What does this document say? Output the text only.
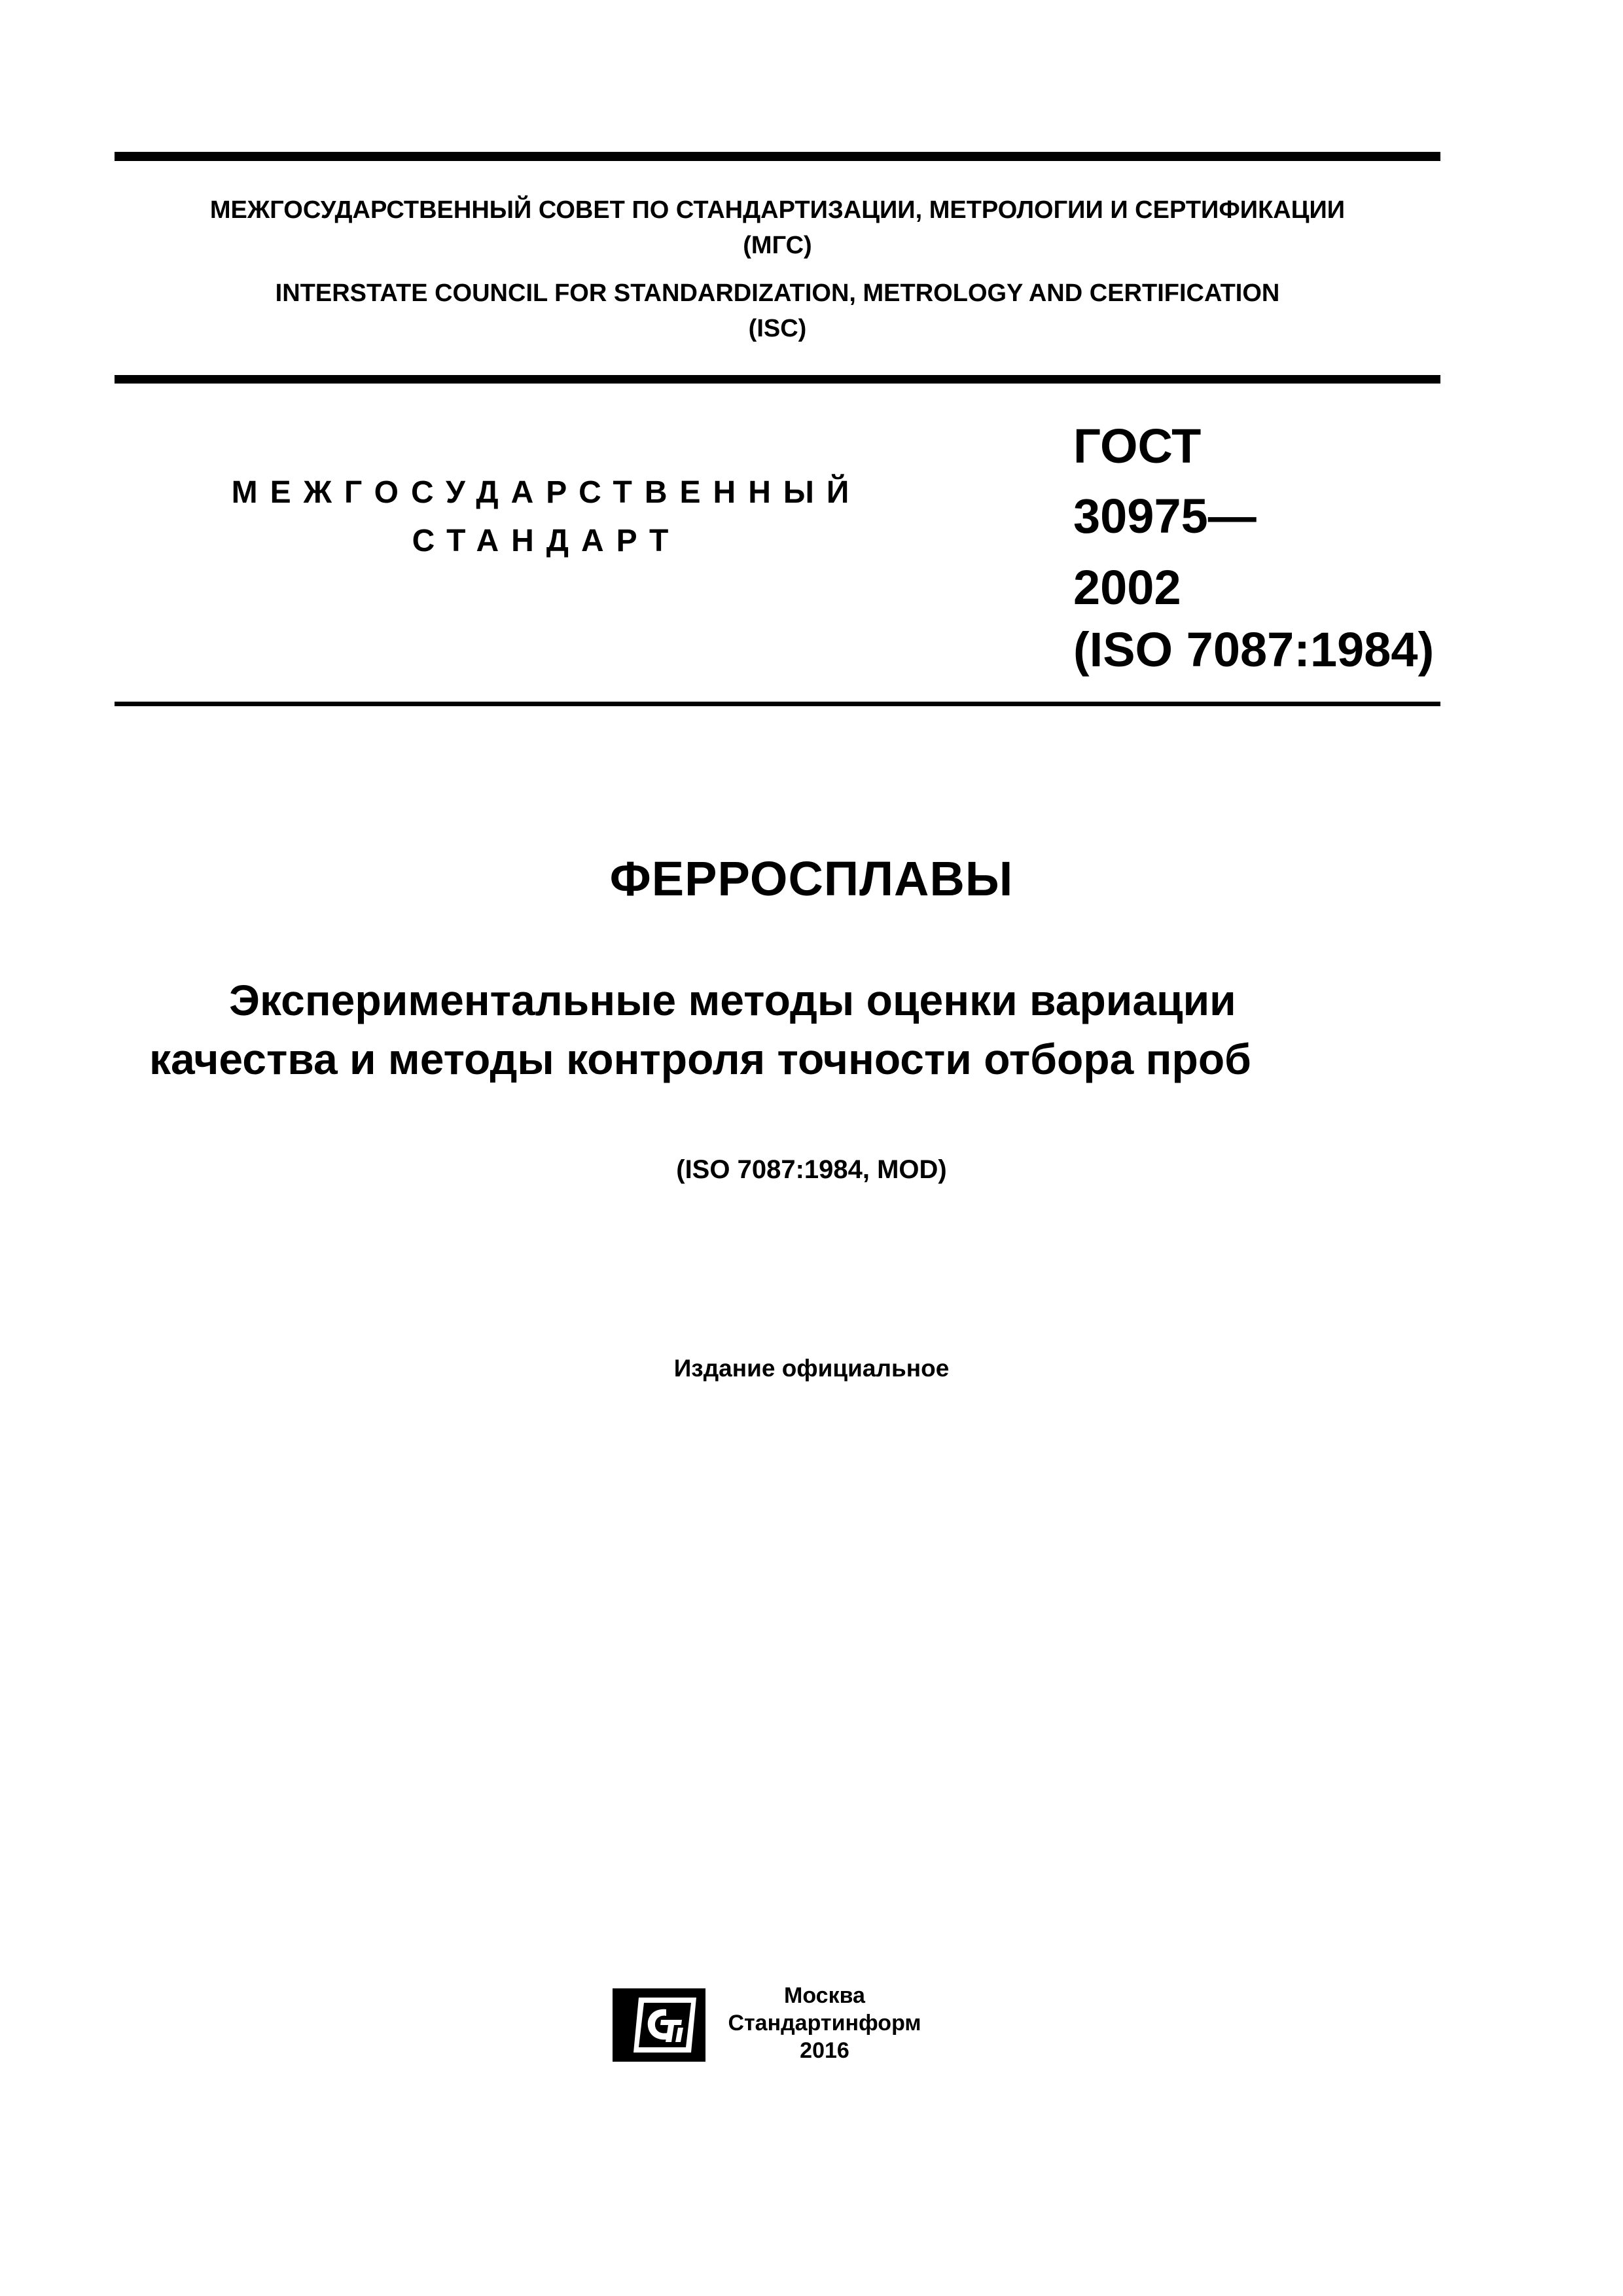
МЕЖГОСУДАРСТВЕННЫЙ СОВЕТ ПО СТАНДАРТИЗАЦИИ, МЕТРОЛОГИИ И СЕРТИФИКАЦИИ
(МГС)
INTERSTATE COUNCIL FOR STANDARDIZATION, METROLOGY AND CERTIFICATION
(ISC)
МЕЖГОСУДАРСТВЕННЫЙ
СТАНДАРТ
ГОСТ
30975—
2002
(ISO 7087:1984)
ФЕРРОСПЛАВЫ
Экспериментальные методы оценки вариации
качества и методы контроля точности отбора проб
(ISO 7087:1984, MOD)
Издание официальное
Москва
Стандартинформ
2016
